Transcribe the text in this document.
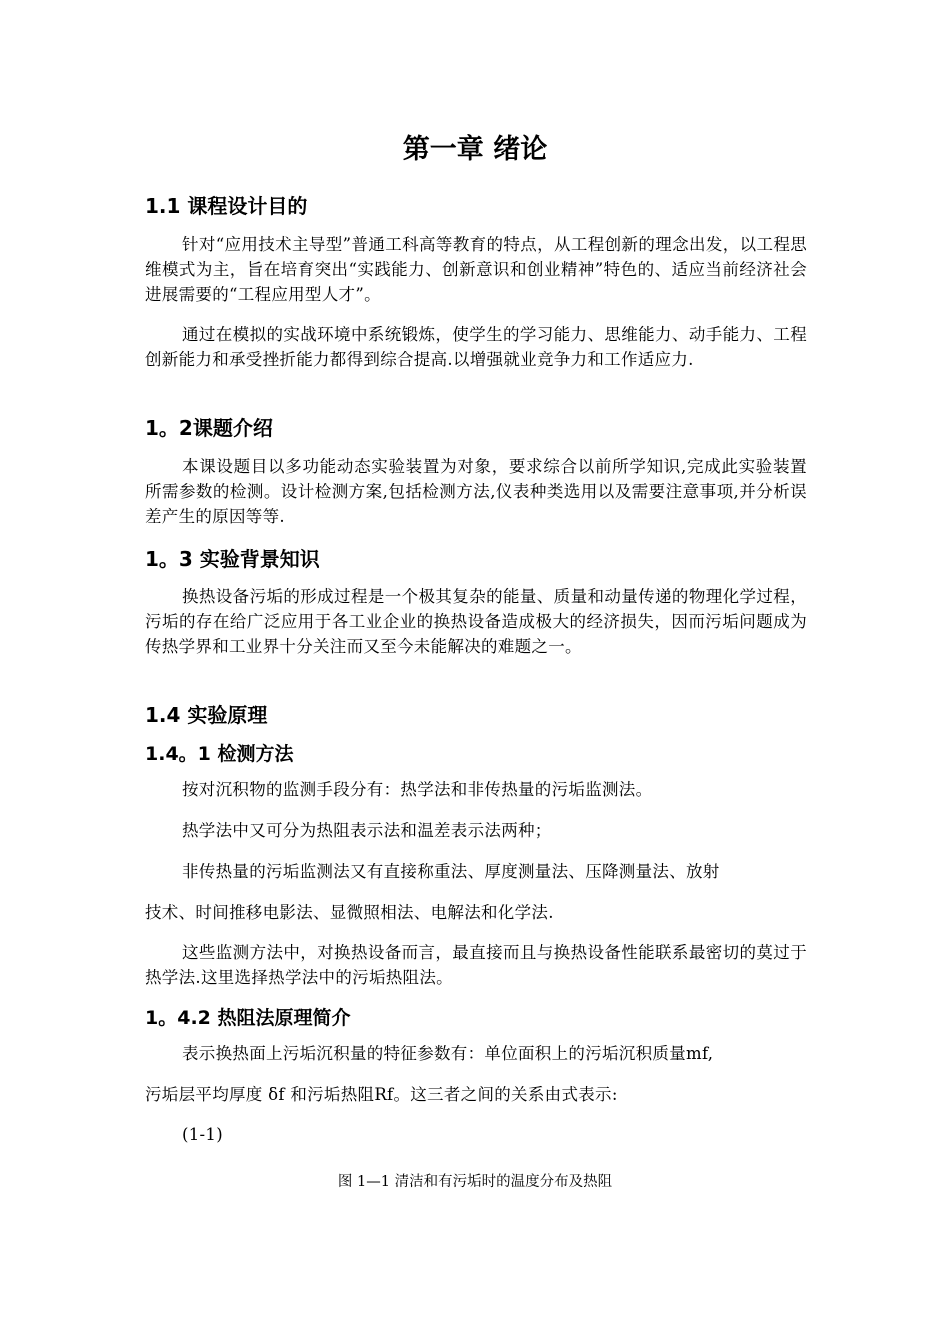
第一章 绪论
1.1 课程设计目的

针对“应用技术主导型”普通工科高等教育的特点，从工程创新的理念出发，以工程思维模式为主，旨在培育突出“实践能力、创新意识和创业精神”特色的、适应当前经济社会进展需要的“工程应用型人才”。

通过在模拟的实战环境中系统锻炼，使学生的学习能力、思维能力、动手能力、工程创新能力和承受挫折能力都得到综合提高.以增强就业竞争力和工作适应力.

1。2课题介绍

本课设题目以多功能动态实验装置为对象，要求综合以前所学知识,完成此实验装置所需参数的检测。设计检测方案,包括检测方法,仪表种类选用以及需要注意事项,并分析误差产生的原因等等.

1。3 实验背景知识

换热设备污垢的形成过程是一个极其复杂的能量、质量和动量传递的物理化学过程，污垢的存在给广泛应用于各工业企业的换热设备造成极大的经济损失，因而污垢问题成为传热学界和工业界十分关注而又至今未能解决的难题之一。

1.4 实验原理
1.4。1 检测方法

按对沉积物的监测手段分有：热学法和非传热量的污垢监测法。

热学法中又可分为热阻表示法和温差表示法两种；

非传热量的污垢监测法又有直接称重法、厚度测量法、压降测量法、放射

技术、时间推移电影法、显微照相法、电解法和化学法.

这些监测方法中，对换热设备而言，最直接而且与换热设备性能联系最密切的莫过于热学法.这里选择热学法中的污垢热阻法。

1。4.2 热阻法原理简介

表示换热面上污垢沉积量的特征参数有：单位面积上的污垢沉积质量mf,

污垢层平均厚度 δf 和污垢热阻Rf。这三者之间的关系由式表示:

(1-1)

图 1—1 清洁和有污垢时的温度分布及热阻
